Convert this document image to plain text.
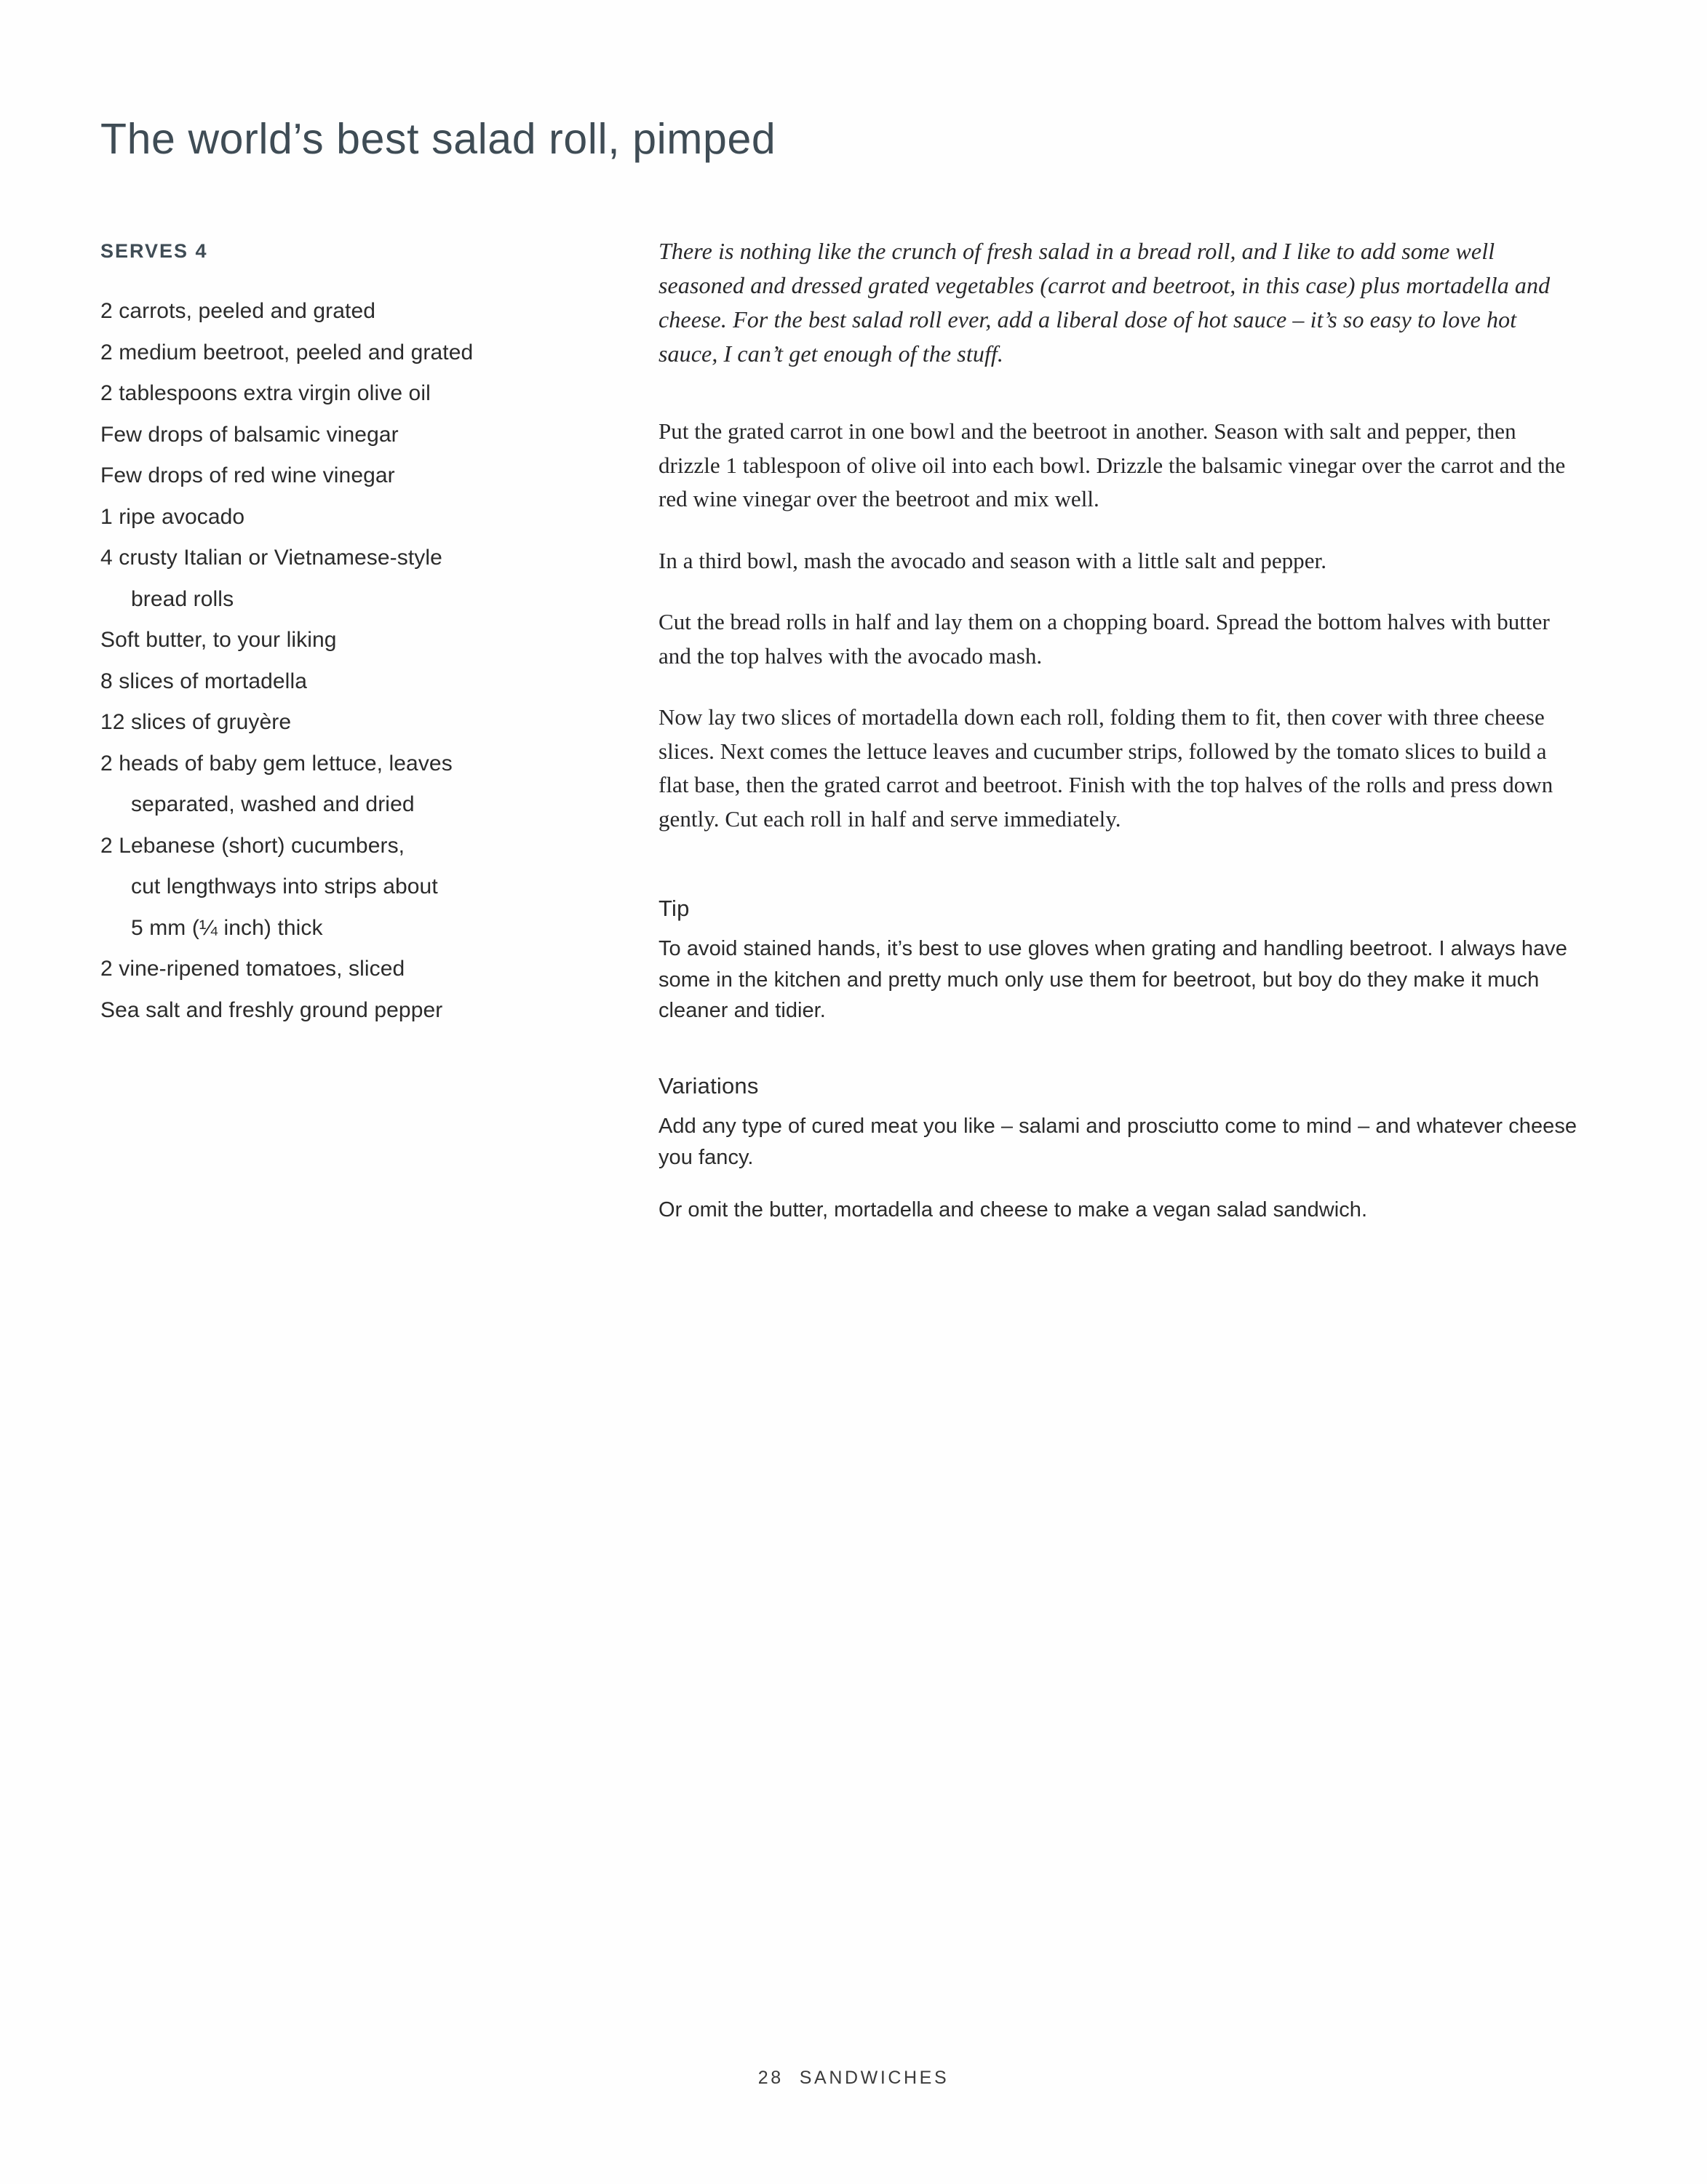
The world’s best salad roll, pimped
SERVES 4
2 carrots, peeled and grated
2 medium beetroot, peeled and grated
2 tablespoons extra virgin olive oil
Few drops of balsamic vinegar
Few drops of red wine vinegar
1 ripe avocado
4 crusty Italian or Vietnamese-style
bread rolls
Soft butter, to your liking
8 slices of mortadella
12 slices of gruyère
2 heads of baby gem lettuce, leaves
separated, washed and dried
2 Lebanese (short) cucumbers,
cut lengthways into strips about
5 mm (¼ inch) thick
2 vine-ripened tomatoes, sliced
Sea salt and freshly ground pepper

There is nothing like the crunch of fresh salad in a bread roll, and I like to add some well seasoned and dressed grated vegetables (carrot and beetroot, in this case) plus mortadella and cheese. For the best salad roll ever, add a liberal dose of hot sauce – it’s so easy to love hot sauce, I can’t get enough of the stuff.

Put the grated carrot in one bowl and the beetroot in another. Season with salt and pepper, then drizzle 1 tablespoon of olive oil into each bowl. Drizzle the balsamic vinegar over the carrot and the red wine vinegar over the beetroot and mix well.

In a third bowl, mash the avocado and season with a little salt and pepper.

Cut the bread rolls in half and lay them on a chopping board. Spread the bottom halves with butter and the top halves with the avocado mash.

Now lay two slices of mortadella down each roll, folding them to fit, then cover with three cheese slices. Next comes the lettuce leaves and cucumber strips, followed by the tomato slices to build a flat base, then the grated carrot and beetroot. Finish with the top halves of the rolls and press down gently. Cut each roll in half and serve immediately.

Tip

To avoid stained hands, it’s best to use gloves when grating and handling beetroot. I always have some in the kitchen and pretty much only use them for beetroot, but boy do they make it much cleaner and tidier.

Variations

Add any type of cured meat you like – salami and prosciutto come to mind – and whatever cheese you fancy.

Or omit the butter, mortadella and cheese to make a vegan salad sandwich.

28 SANDWICHES
